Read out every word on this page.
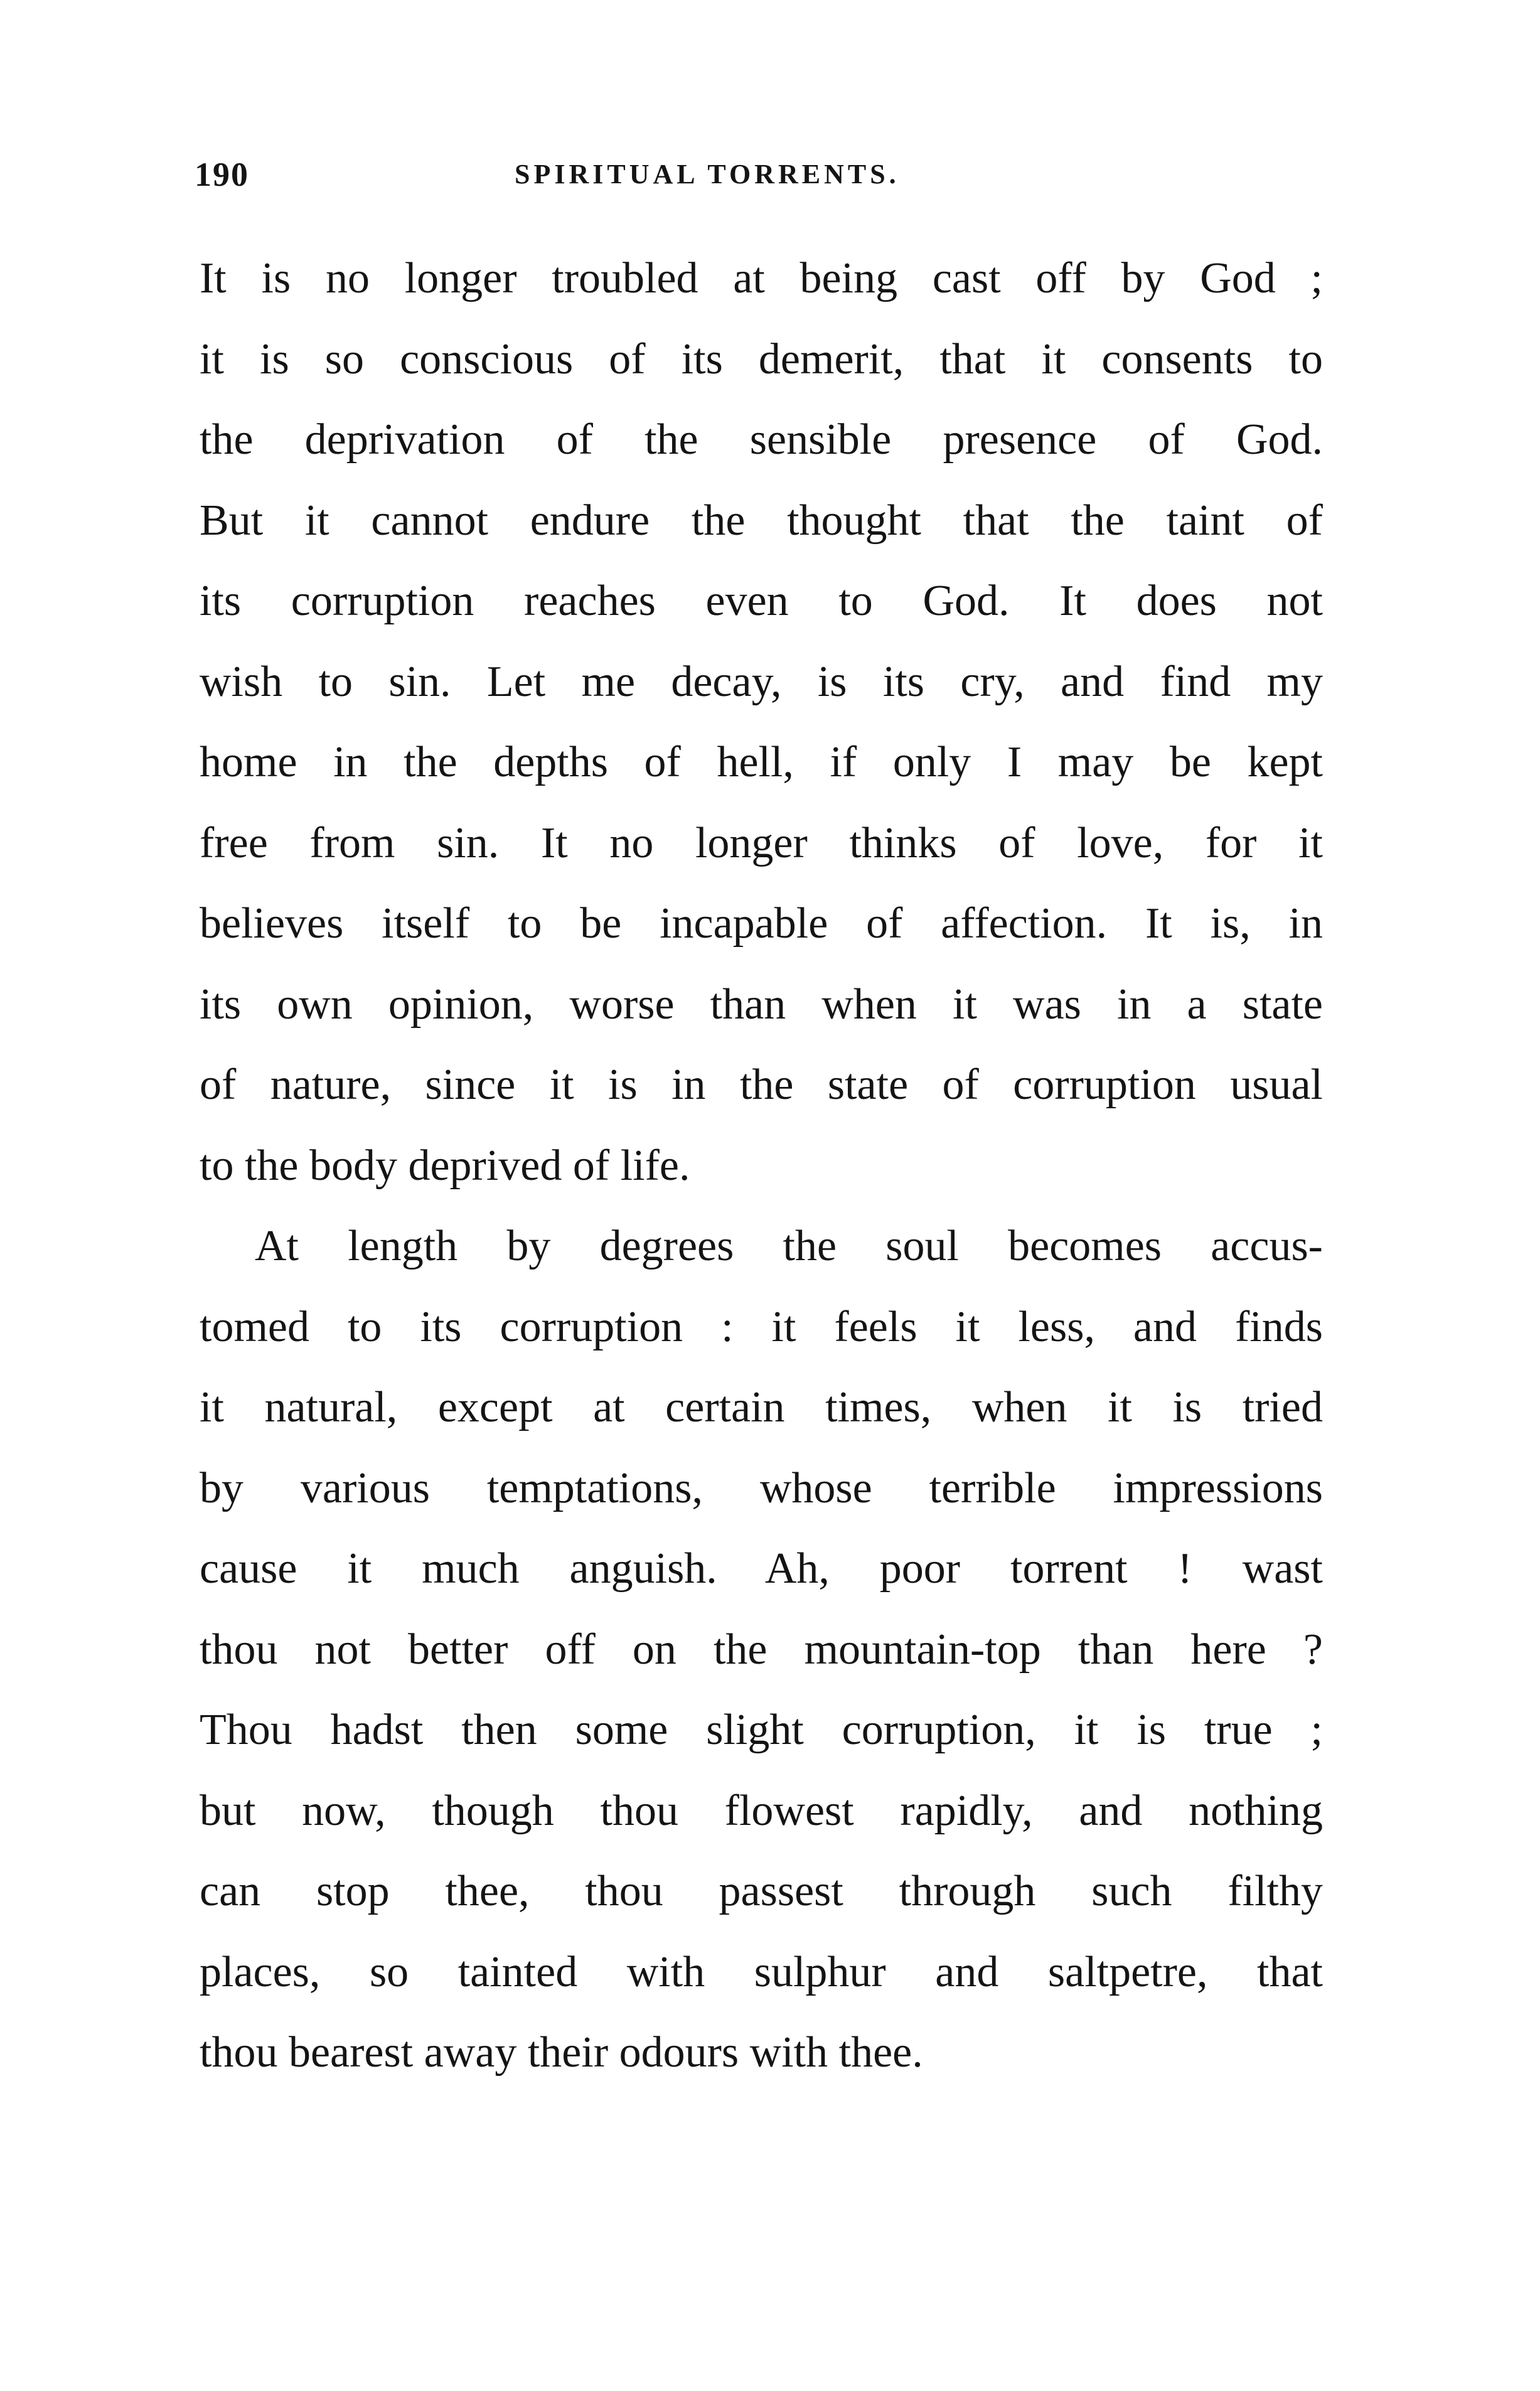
190	SPIRITUAL TORRENTS.
It is no longer troubled at being cast off by God ;
it is so conscious of its demerit, that it consents to
the deprivation of the sensible presence of God.
But it cannot endure the thought that the taint of
its corruption reaches even to God. It does not
wish to sin. Let me decay, is its cry, and find my
home in the depths of hell, if only I may be kept
free from sin. It no longer thinks of love, for it
believes itself to be incapable of affection. It is, in
its own opinion, worse than when it was in a state
of nature, since it is in the state of corruption usual
to the body deprived of life.
At length by degrees the soul becomes accus-
tomed to its corruption : it feels it less, and finds
it natural, except at certain times, when it is tried
by various temptations, whose terrible impressions
cause it much anguish. Ah, poor torrent ! wast
thou not better off on the mountain-top than here ?
Thou hadst then some slight corruption, it is true ;
but now, though thou flowest rapidly, and nothing
can stop thee, thou passest through such filthy
places, so tainted with sulphur and saltpetre, that
thou bearest away their odours with thee.
